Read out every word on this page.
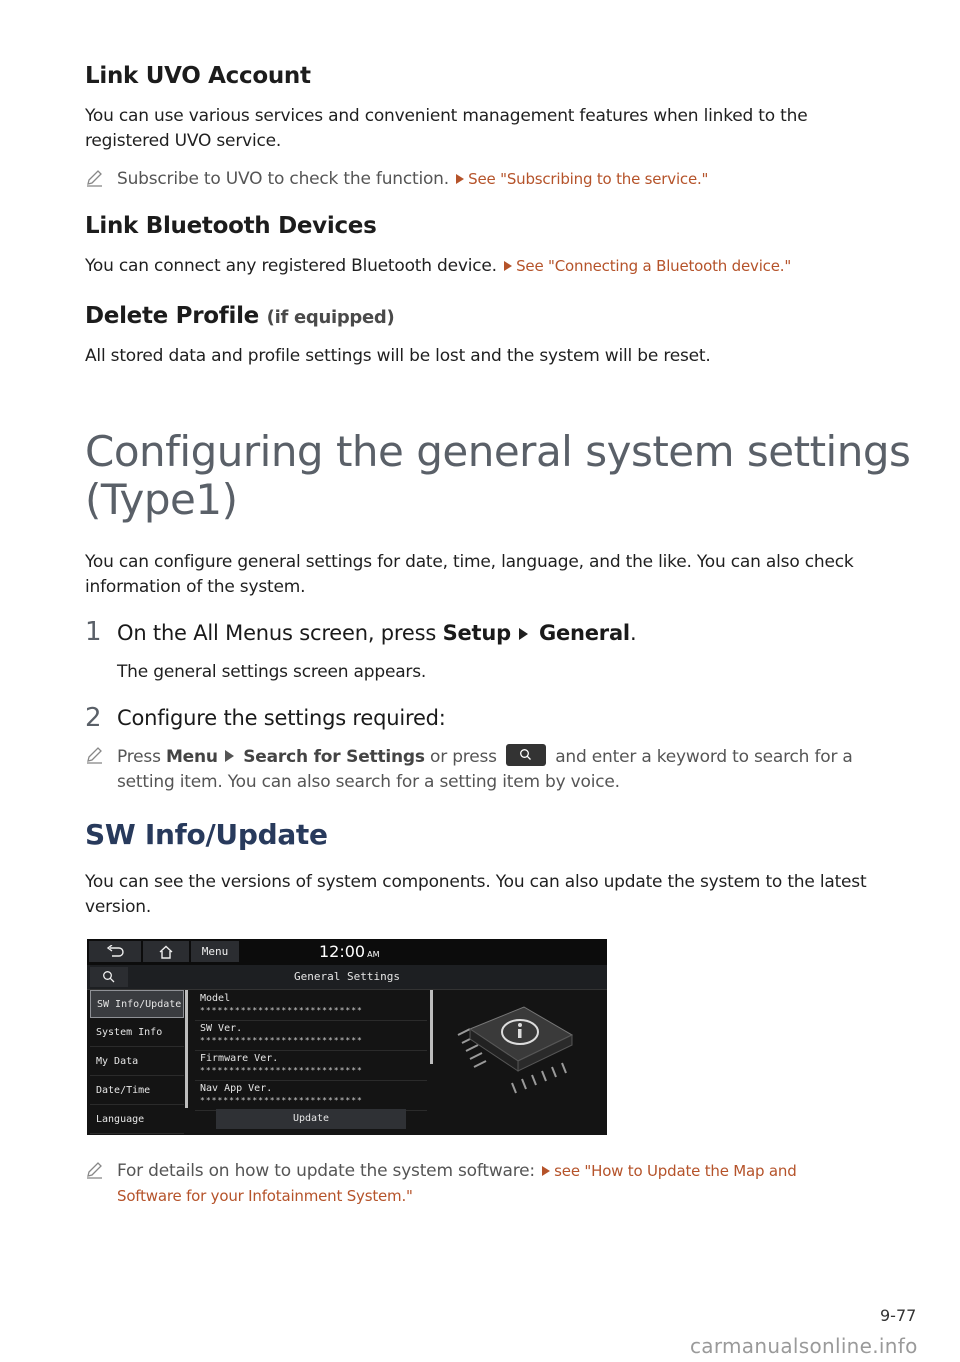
Link UVO Account

You can use various services and convenient management features when linked to the registered UVO service.

Subscribe to UVO to check the function. See "Subscribing to the service."

Link Bluetooth Devices

You can connect any registered Bluetooth device. See "Connecting a Bluetooth device."

Delete Profile (if equipped)

All stored data and profile settings will be lost and the system will be reset.

Configuring the general system settings
(Type1)

You can configure general settings for date, time, language, and the like. You can also check
information of the system.

1 On the All Menus screen, press Setup General.

The general settings screen appears.

2 Configure the settings required:

Press Menu Search for Settings or press	and enter a keyword to search for a
setting item. You can also search for a setting item by voice.

SW Info/Update

You can see the versions of system components. You can also update the system to the latest
version.

Menu	12:00 AM
General Settings
SW Info/Update
System Info
My Data
Date/Time
Language
Model
****************************
SW Ver.
****************************
Firmware Ver.
****************************
Nav App Ver.
****************************
Update

For details on how to update the system software: see "How to Update the Map and
Software for your Infotainment System."

9-77
carmanualsonline.info
